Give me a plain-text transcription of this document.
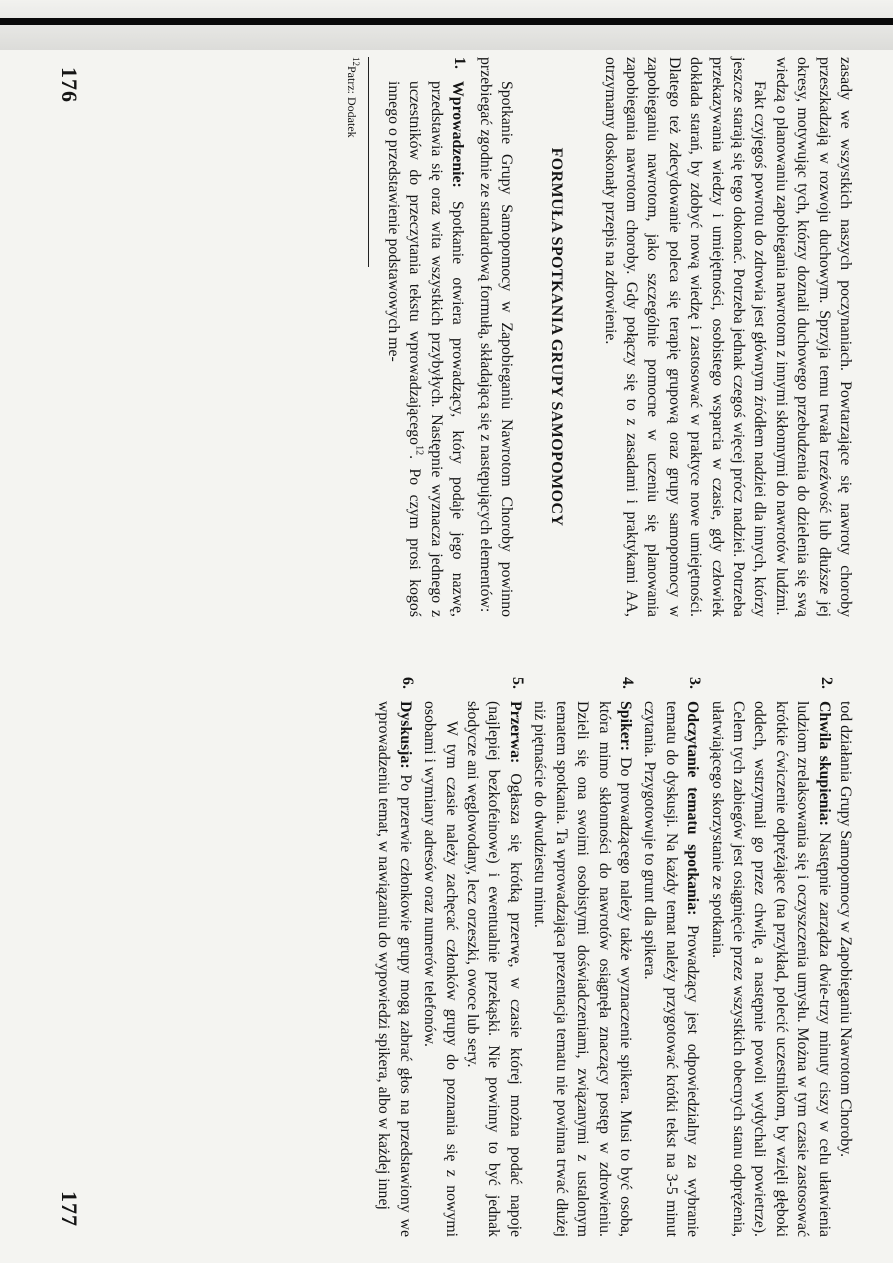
zasady we wszystkich naszych poczynaniach. Powtarzające się nawroty choroby przeszkadzają w rozwoju duchowym. Sprzyja temu trwała trzeźwość lub dłuższe jej okresy, motywując tych, którzy doznali duchowego przebudzenia do dzielenia się swą wiedzą o planowaniu zapobiegania nawrotom z innymi skłonnymi do nawrotów ludźmi.

Fakt czyjegoś powrotu do zdrowia jest głównym źródłem nadziei dla innych, którzy jeszcze starają się tego dokonać. Potrzeba jednak czegoś więcej prócz nadziei. Potrzeba przekazywania wiedzy i umiejętności, osobistego wsparcia w czasie, gdy człowiek dokłada starań, by zdobyć nową wiedzę i zastosować w praktyce nowe umiejętności. Dlatego też zdecydowanie poleca się terapię grupową oraz grupy samopomocy w zapobieganiu nawrotom, jako szczególnie pomocne w uczeniu się planowania zapobiegania nawrotom choroby. Gdy połączy się to z zasadami i praktykami AA, otrzymamy doskonały przepis na zdrowienie.

FORMUŁA SPOTKANIA GRUPY SAMOPOMOCY

Spotkanie Grupy Samopomocy w Zapobieganiu Nawrotom Choroby powinno przebiegać zgodnie ze standardową formułą, składającą się z następujących elementów:

1.

Wprowadzenie: Spotkanie otwiera prowadzący, który podaje jego nazwę, przedstawia się oraz wita wszystkich przybyłych. Następnie wyznacza jednego z uczestników do przeczytania tekstu wprowadzającego$^{12}$. Po czym prosi kogoś innego o przedstawienie podstawowych me-

$^{12}$Patrz: Dodatek

176

tod działania Grupy Samopomocy w Zapobieganiu Nawrotom Choroby.

2.

Chwila skupienia: Następnie zarządza dwie-trzy minuty ciszy w celu ułatwienia ludziom zrelaksowania się i oczyszczenia umysłu. Można w tym czasie zastosować krótkie ćwiczenie odprężające (na przykład, polecić uczestnikom, by wzięli głęboki oddech, wstrzymali go przez chwilę, a następnie powoli wydychali powietrze). Celem tych zabiegów jest osiągnięcie przez wszystkich obecnych stanu odprężenia, ułatwiającego skorzystanie ze spotkania.

3.

Odczytanie tematu spotkania: Prowadzący jest odpowiedzialny za wybranie tematu do dyskusji. Na każdy temat należy przygotować krótki tekst na 3-5 minut czytania. Przygotowuje to grunt dla spikera.

4.

Spiker: Do prowadzącego należy także wyznaczenie spikera. Musi to być osoba, która mimo skłonności do nawrotów osiągnęła znaczący postęp w zdrowieniu. Dzieli się ona swoimi osobistymi doświadczeniami, związanymi z ustalonym tematem spotkania. Ta wprowadzająca prezentacja tematu nie powinna trwać dłużej niż piętnaście do dwudziestu minut.

5.

Przerwa: Ogłasza się krótką przerwę, w czasie której można podać napoje (najlepiej bezkofeinowe) i ewentualnie przekąski. Nie powinny to być jednak słodycze ani węglowodany, lecz orzeszki, owoce lub sery.

W tym czasie należy zachęcać członków grupy do poznania się z nowymi osobami i wymiany adresów oraz numerów telefonów.

6.

Dyskusja: Po przerwie członkowie grupy mogą zabrać głos na przedstawiony we wprowadzeniu temat, w nawiązaniu do wypowiedzi spikera, albo w każdej innej

177
